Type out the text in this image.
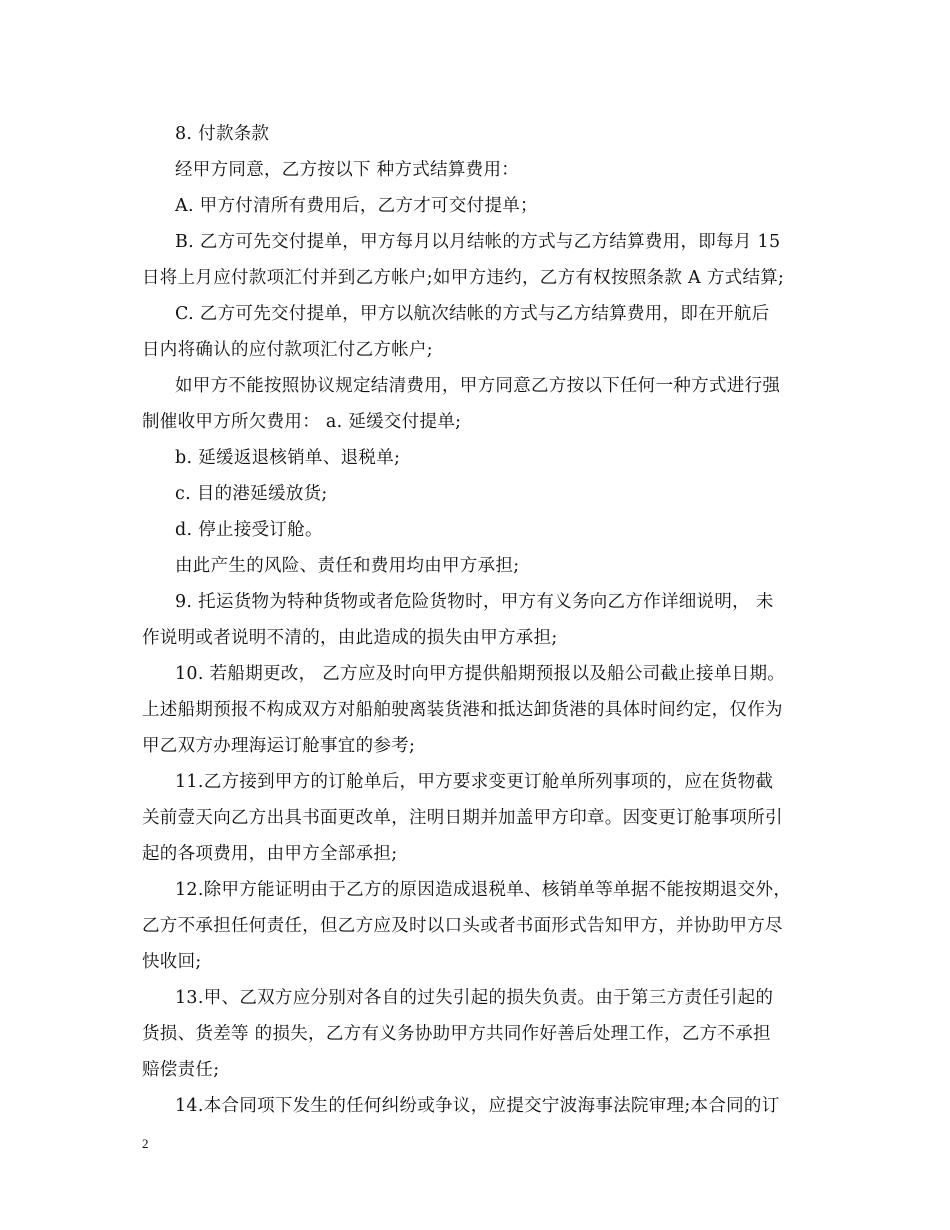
8. 付款条款
经甲方同意，乙方按以下 种方式结算费用：
A. 甲方付清所有费用后，乙方才可交付提单；
B. 乙方可先交付提单，甲方每月以月结帐的方式与乙方结算费用，即每月 15
日将上月应付款项汇付并到乙方帐户;如甲方违约，乙方有权按照条款 A 方式结算;
C. 乙方可先交付提单，甲方以航次结帐的方式与乙方结算费用，即在开航后
日内将确认的应付款项汇付乙方帐户;
如甲方不能按照协议规定结清费用，甲方同意乙方按以下任何一种方式进行强
制催收甲方所欠费用： a. 延缓交付提单;
b. 延缓返退核销单、退税单;
c. 目的港延缓放货;
d. 停止接受订舱。
由此产生的风险、责任和费用均由甲方承担;
9. 托运货物为特种货物或者危险货物时，甲方有义务向乙方作详细说明， 未
作说明或者说明不清的，由此造成的损失由甲方承担;
10. 若船期更改， 乙方应及时向甲方提供船期预报以及船公司截止接单日期。
上述船期预报不构成双方对船舶驶离装货港和抵达卸货港的具体时间约定，仅作为
甲乙双方办理海运订舱事宜的参考;
11.乙方接到甲方的订舱单后，甲方要求变更订舱单所列事项的，应在货物截
关前壹天向乙方出具书面更改单，注明日期并加盖甲方印章。因变更订舱事项所引
起的各项费用，由甲方全部承担;
12.除甲方能证明由于乙方的原因造成退税单、核销单等单据不能按期退交外，
乙方不承担任何责任，但乙方应及时以口头或者书面形式告知甲方，并协助甲方尽
快收回;
13.甲、乙双方应分别对各自的过失引起的损失负责。由于第三方责任引起的
货损、货差等 的损失，乙方有义务协助甲方共同作好善后处理工作，乙方不承担
赔偿责任;
14.本合同项下发生的任何纠纷或争议，应提交宁波海事法院审理;本合同的订
2
